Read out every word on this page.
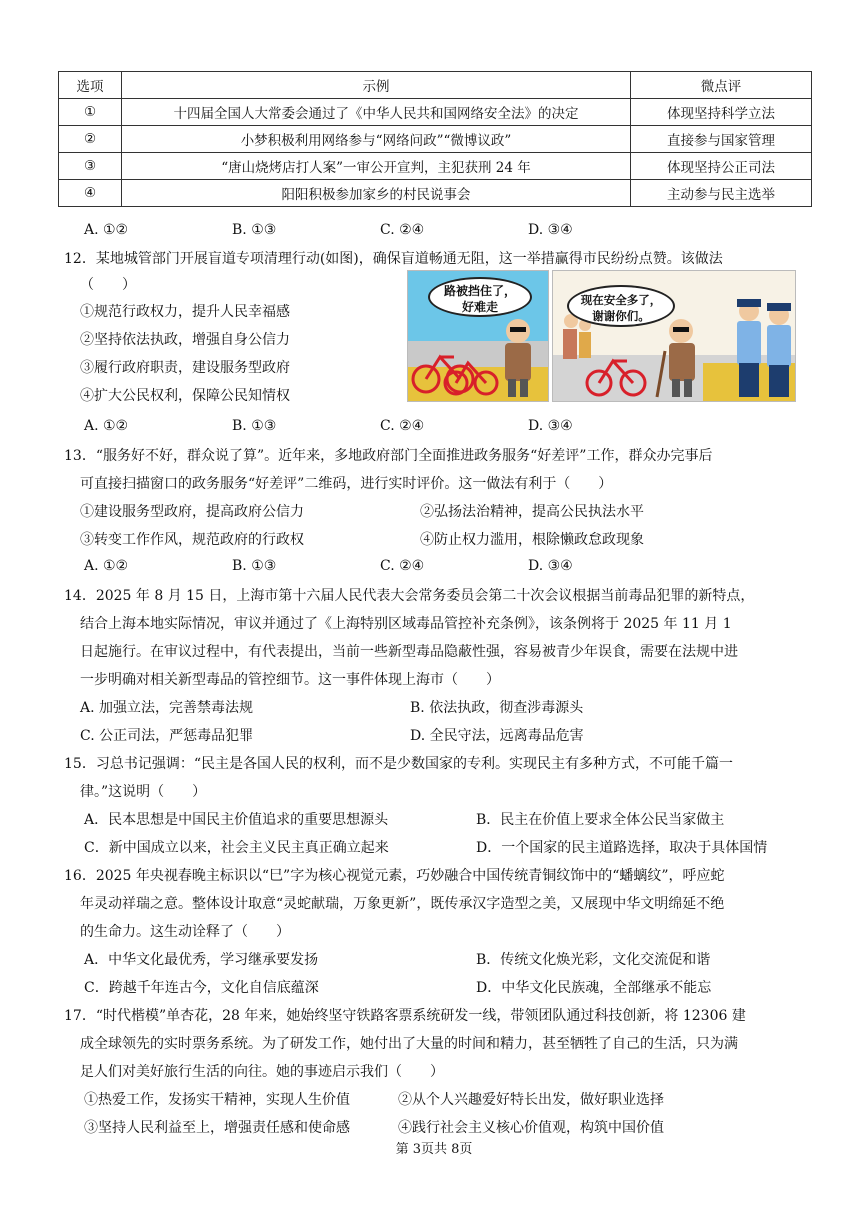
选项	示例	微点评
①	十四届全国人大常委会通过了《中华人民共和国网络安全法》的决定	体现坚持科学立法
②	小梦积极利用网络参与“网络问政”“微博议政”	直接参与国家管理
③	“唐山烧烤店打人案”一审公开宣判，主犯获刑 24 年	体现坚持公正司法
④	阳阳积极参加家乡的村民说事会	主动参与民主选举
A. ①②	B. ①③	C. ②④	D. ③④
12．某地城管部门开展盲道专项清理行动(如图)，确保盲道畅通无阻，这一举措赢得市民纷纷点赞。该做法
（　　）
①规范行政权力，提升人民幸福感
②坚持依法执政，增强自身公信力
③履行政府职责，建设服务型政府
④扩大公民权利，保障公民知情权
路被挡住了，
好难走	现在安全多了，
谢谢你们。
A. ①②	B. ①③	C. ②④	D. ③④
13．“服务好不好，群众说了算”。近年来，多地政府部门全面推进政务服务“好差评”工作，群众办完事后
可直接扫描窗口的政务服务“好差评”二维码，进行实时评价。这一做法有利于（　　）
①建设服务型政府，提高政府公信力	②弘扬法治精神，提高公民执法水平
③转变工作作风，规范政府的行政权	④防止权力滥用，根除懒政怠政现象
A. ①②	B. ①③	C. ②④	D. ③④
14．2025 年 8 月 15 日，上海市第十六届人民代表大会常务委员会第二十次会议根据当前毒品犯罪的新特点，
结合上海本地实际情况，审议并通过了《上海特别区域毒品管控补充条例》，该条例将于 2025 年 11 月 1
日起施行。在审议过程中，有代表提出，当前一些新型毒品隐蔽性强，容易被青少年误食，需要在法规中进
一步明确对相关新型毒品的管控细节。这一事件体现上海市（　　）
A. 加强立法，完善禁毒法规	B. 依法执政，彻查涉毒源头
C. 公正司法，严惩毒品犯罪	D. 全民守法，远离毒品危害
15．习总书记强调：“民主是各国人民的权利，而不是少数国家的专利。实现民主有多种方式，不可能千篇一
律。”这说明（　　）
A．民本思想是中国民主价值追求的重要思想源头	B．民主在价值上要求全体公民当家做主
C．新中国成立以来，社会主义民主真正确立起来	D．一个国家的民主道路选择，取决于具体国情
16．2025 年央视春晚主标识以“巳”字为核心视觉元素，巧妙融合中国传统青铜纹饰中的“蟠螭纹”，呼应蛇
年灵动祥瑞之意。整体设计取意“灵蛇献瑞，万象更新”，既传承汉字造型之美，又展现中华文明绵延不绝
的生命力。这生动诠释了（　　）
A．中华文化最优秀，学习继承要发扬	B．传统文化焕光彩，文化交流促和谐
C．跨越千年连古今，文化自信底蕴深	D．中华文化民族魂，全部继承不能忘
17．“时代楷模”单杏花，28 年来，她始终坚守铁路客票系统研发一线，带领团队通过科技创新，将 12306 建
成全球领先的实时票务系统。为了研发工作，她付出了大量的时间和精力，甚至牺牲了自己的生活，只为满
足人们对美好旅行生活的向往。她的事迹启示我们（　　）
①热爱工作，发扬实干精神，实现人生价值	②从个人兴趣爱好特长出发，做好职业选择
③坚持人民利益至上，增强责任感和使命感	④践行社会主义核心价值观，构筑中国价值
第 3页共 8页
